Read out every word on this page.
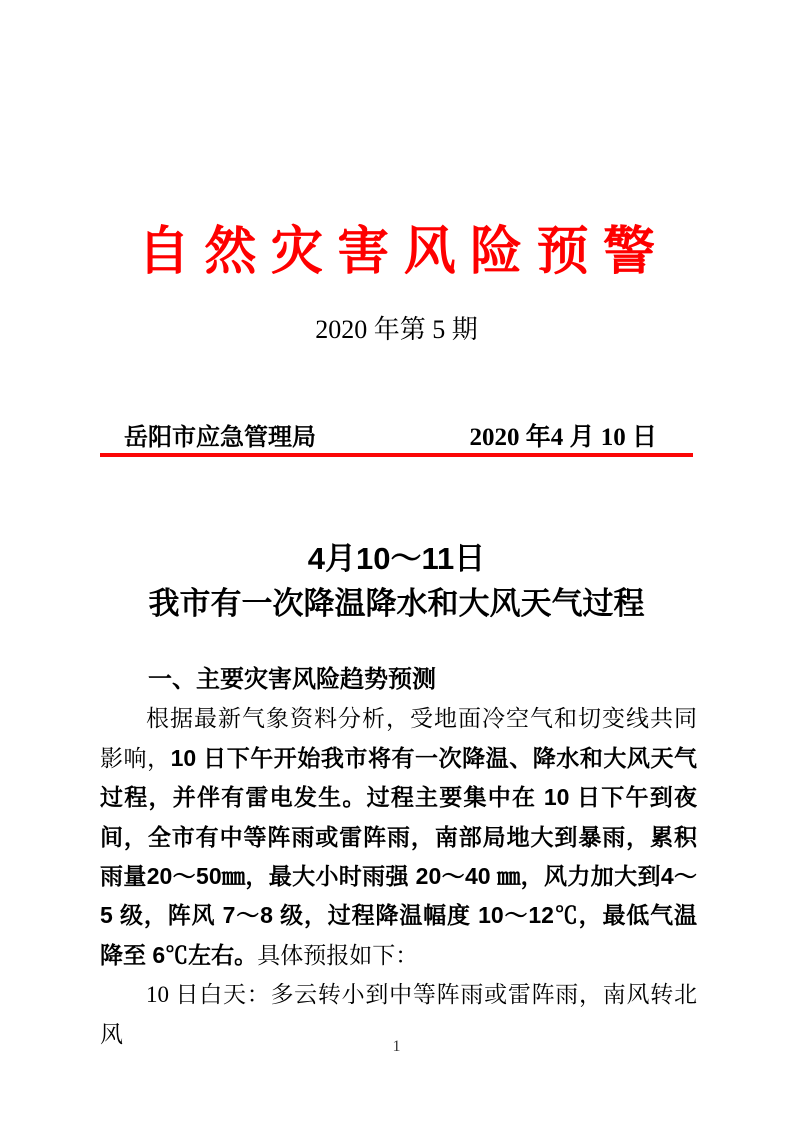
自 然 灾 害 风 险 预 警
2020 年第 5 期
岳阳市应急管理局	2020 年4 月 10 日
4月10～11日
我市有一次降温降水和大风天气过程

一、主要灾害风险趋势预测

根据最新气象资料分析，受地面冷空气和切变线共同影响，10 日下午开始我市将有一次降温、降水和大风天气过程，并伴有雷电发生。过程主要集中在 10 日下午到夜间，全市有中等阵雨或雷阵雨，南部局地大到暴雨，累积雨量20～50㎜，最大小时雨强 20～40 ㎜，风力加大到4～5 级，阵风 7～8 级，过程降温幅度 10～12℃，最低气温降至 6℃左右。具体预报如下：

10 日白天：多云转小到中等阵雨或雷阵雨，南风转北风	1
